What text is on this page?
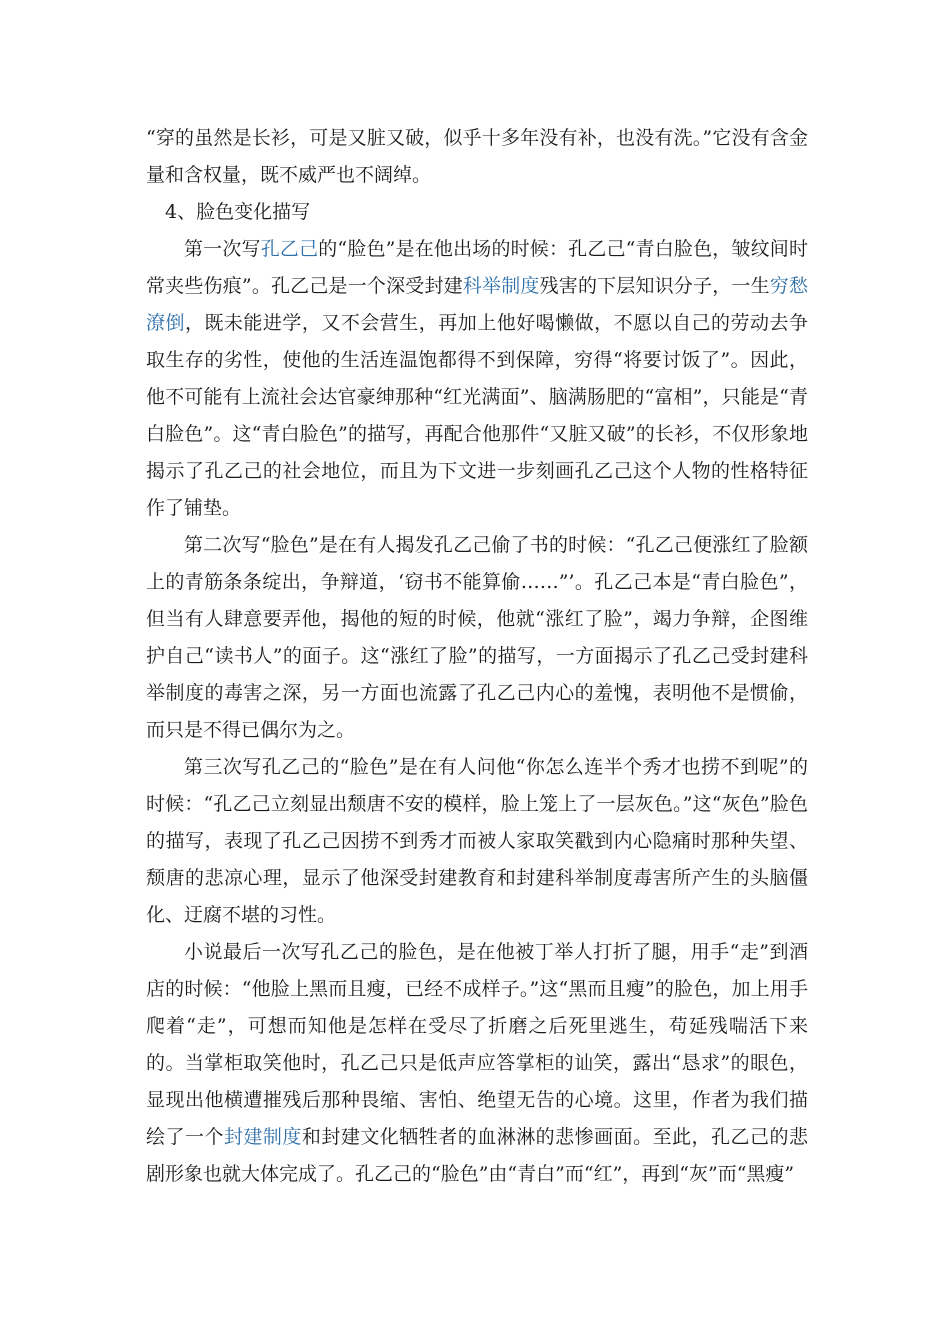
“穿的虽然是长衫，可是又脏又破，似乎十多年没有补，也没有洗。”它没有含金量和含权量，既不威严也不阔绰。

4、脸色变化描写

第一次写孔乙己的“脸色”是在他出场的时候：孔乙己“青白脸色，皱纹间时常夹些伤痕”。孔乙己是一个深受封建科举制度残害的下层知识分子，一生穷愁潦倒，既未能进学，又不会营生，再加上他好喝懒做，不愿以自己的劳动去争取生存的劣性，使他的生活连温饱都得不到保障，穷得“将要讨饭了”。因此，他不可能有上流社会达官豪绅那种“红光满面”、脑满肠肥的“富相”，只能是“青白脸色”。这“青白脸色”的描写，再配合他那件“又脏又破”的长衫，不仅形象地揭示了孔乙己的社会地位，而且为下文进一步刻画孔乙己这个人物的性格特征作了铺垫。

第二次写“脸色”是在有人揭发孔乙己偷了书的时候：“孔乙己便涨红了脸额上的青筋条条绽出，争辩道，‘窃书不能算偷……”’。孔乙己本是“青白脸色”，但当有人肆意要弄他，揭他的短的时候，他就“涨红了脸”，竭力争辩，企图维护自己“读书人”的面子。这“涨红了脸”的描写，一方面揭示了孔乙己受封建科举制度的毒害之深，另一方面也流露了孔乙己内心的羞愧，表明他不是惯偷，而只是不得已偶尔为之。

第三次写孔乙己的“脸色”是在有人问他“你怎么连半个秀才也捞不到呢”的时候：“孔乙己立刻显出颓唐不安的模样，脸上笼上了一层灰色。”这“灰色”脸色的描写，表现了孔乙己因捞不到秀才而被人家取笑戳到内心隐痛时那种失望、颓唐的悲凉心理，显示了他深受封建教育和封建科举制度毒害所产生的头脑僵化、迂腐不堪的习性。

小说最后一次写孔乙己的脸色，是在他被丁举人打折了腿，用手“走”到酒店的时候：“他脸上黑而且瘦，已经不成样子。”这“黑而且瘦”的脸色，加上用手爬着“走”，可想而知他是怎样在受尽了折磨之后死里逃生，苟延残喘活下来的。当掌柜取笑他时，孔乙己只是低声应答掌柜的讪笑，露出“恳求”的眼色，显现出他横遭摧残后那种畏缩、害怕、绝望无告的心境。这里，作者为我们描绘了一个封建制度和封建文化牺牲者的血淋淋的悲惨画面。至此，孔乙己的悲剧形象也就大体完成了。孔乙己的“脸色”由“青白”而“红”，再到“灰”而“黑瘦”
